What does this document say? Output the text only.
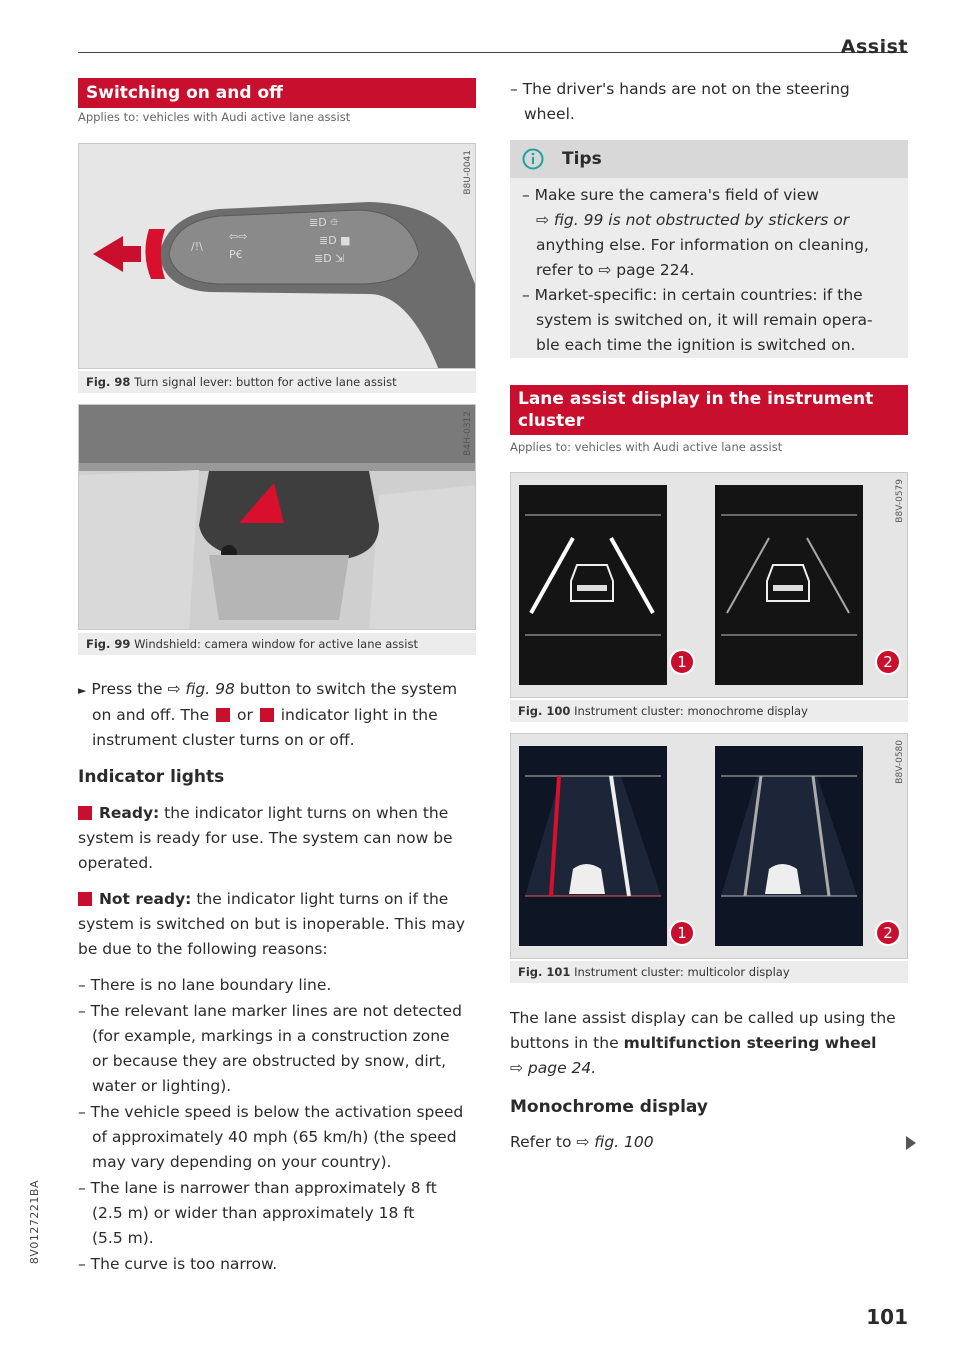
Assist
Switching on and off
Applies to: vehicles with Audi active lane assist
/!\
⇦⇨
P€
≣D ⯐
≣D ■
≣D ⇲
B8U-0041
Fig. 98 Turn signal lever: button for active lane assist
B4H-0312
Fig. 99 Windshield: camera window for active lane assist
► Press the ⇨ fig. 98 button to switch the system
on and off. The  or  indicator light in the
instrument cluster turns on or off.
Indicator lights
Ready: the indicator light turns on when the
system is ready for use. The system can now be
operated.
Not ready: the indicator light turns on if the
system is switched on but is inoperable. This may
be due to the following reasons:
– There is no lane boundary line.
– The relevant lane marker lines are not detected
(for example, markings in a construction zone
or because they are obstructed by snow, dirt,
water or lighting).
– The vehicle speed is below the activation speed
of approximately 40 mph (65 km/h) (the speed
may vary depending on your country).
– The lane is narrower than approximately 8 ft
(2.5 m) or wider than approximately 18 ft
(5.5 m).
– The curve is too narrow.
– The driver's hands are not on the steering
wheel.
Tips
– Make sure the camera's field of view
⇨ fig. 99 is not obstructed by stickers or
anything else. For information on cleaning,
refer to ⇨ page 224.
– Market-specific: in certain countries: if the
system is switched on, it will remain opera-
ble each time the ignition is switched on.
Lane assist display in the instrument
cluster
Applies to: vehicles with Audi active lane assist
1	2
B8V-0579
Fig. 100 Instrument cluster: monochrome display
1	2
B8V-0580
Fig. 101 Instrument cluster: multicolor display
The lane assist display can be called up using the
buttons in the multifunction steering wheel
⇨ page 24.
Monochrome display
Refer to ⇨ fig. 100
8V0127221BA
101
